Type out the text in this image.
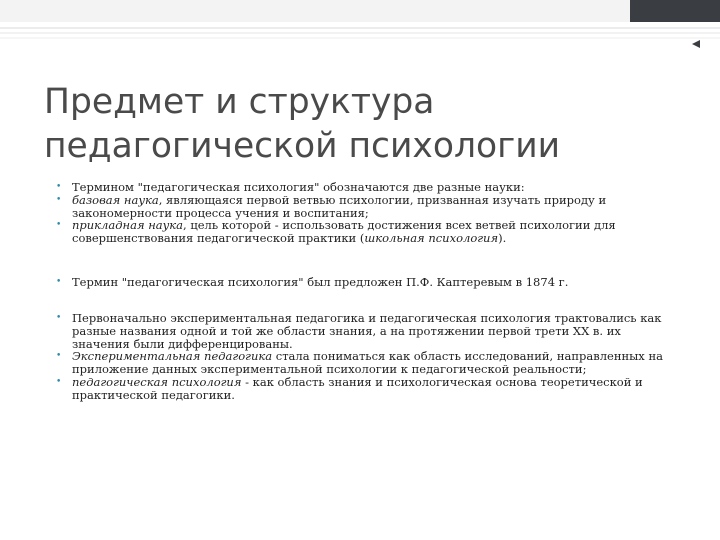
Предмет и структура педагогической психологии
• Термином "педагогическая психология" обозначаются две разные науки:
• базовая наука, являющаяся первой ветвью психологии, призванная изучать природу и закономерности процесса учения и воспитания;
• прикладная наука, цель которой - использовать достижения всех ветвей психологии для совершенствования педагогической практики (школьная психология).
• Термин "педагогическая психология" был предложен П.Ф. Каптеревым в 1874 г.
• Первоначально экспериментальная педагогика и педагогическая психология трактовались как разные названия одной и той же области знания, а на протяжении первой трети XX в. их значения были дифференцированы.
• Экспериментальная педагогика стала пониматься как область исследований, направленных на приложение данных экспериментальной психологии к педагогической реальности;
• педагогическая психология - как область знания и психологическая основа теоретической и практической педагогики.
